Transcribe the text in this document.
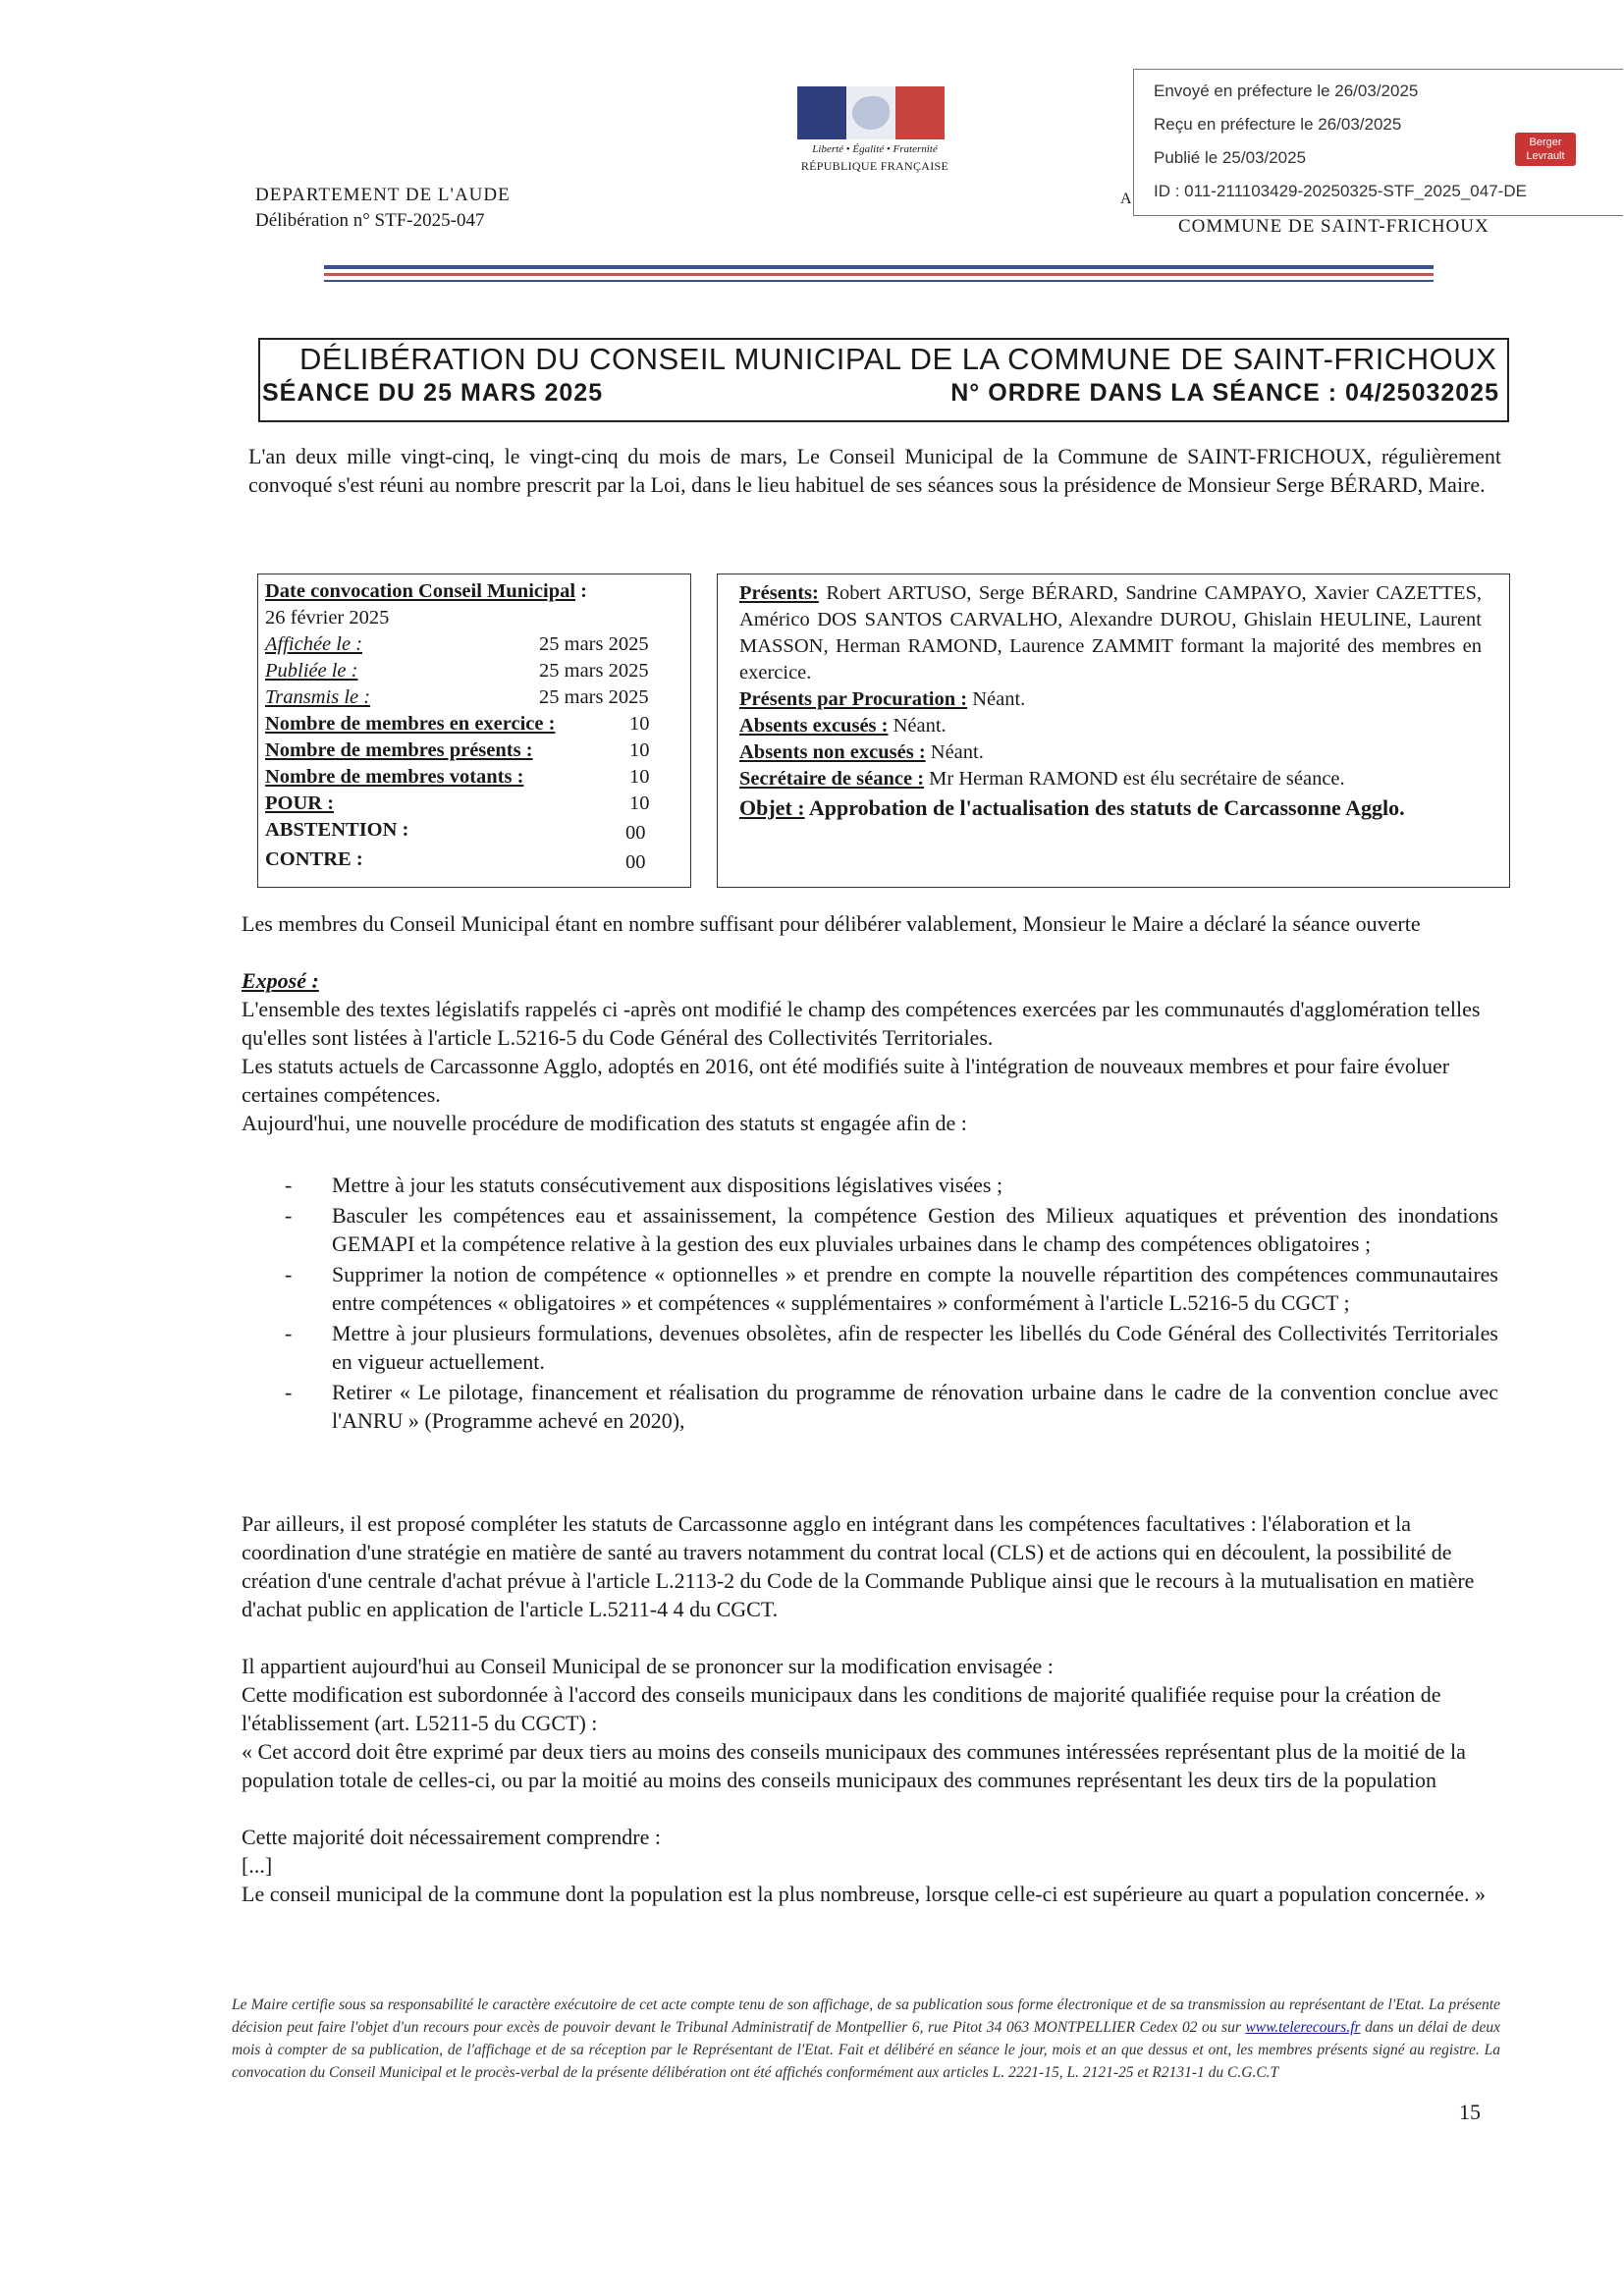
Liberté • Égalité • Fraternité
RÉPUBLIQUE FRANÇAISE
DEPARTEMENT DE L'AUDE
Délibération n° STF-2025-047
Envoyé en préfecture le 26/03/2025
Reçu en préfecture le 26/03/2025
Publié le 25/03/2025
ID : 011-211103429-20250325-STF_2025_047-DE
Berger Levrault
A
COMMUNE DE SAINT-FRICHOUX
DÉLIBÉRATION DU CONSEIL MUNICIPAL DE LA COMMUNE DE SAINT-FRICHOUX
SÉANCE DU 25 MARS 2025	N° ORDRE DANS LA SÉANCE : 04/25032025
L'an deux mille vingt-cinq, le vingt-cinq du mois de mars, Le Conseil Municipal de la Commune de SAINT-FRICHOUX, régulièrement convoqué s'est réuni au nombre prescrit par la Loi, dans le lieu habituel de ses séances sous la présidence de Monsieur Serge BÉRARD, Maire.
Date convocation Conseil Municipal :
26 février 2025
Affichée le :	25 mars 2025
Publiée le :	25 mars 2025
Transmis le :	25 mars 2025
Nombre de membres en exercice :	10
Nombre de membres présents :	10
Nombre de membres votants :	10
POUR :	10
ABSTENTION :	00
CONTRE :	00
Présents: Robert ARTUSO, Serge BÉRARD, Sandrine CAMPAYO, Xavier CAZETTES, Américo DOS SANTOS CARVALHO, Alexandre DUROU, Ghislain HEULINE, Laurent MASSON, Herman RAMOND, Laurence ZAMMIT formant la majorité des membres en exercice.
Présents par Procuration : Néant.
Absents excusés : Néant.
Absents non excusés : Néant.
Secrétaire de séance : Mr Herman RAMOND est élu secrétaire de séance.
Objet : Approbation de l'actualisation des statuts de Carcassonne Agglo.
Les membres du Conseil Municipal étant en nombre suffisant pour délibérer valablement, Monsieur le Maire a déclaré la séance ouverte
Exposé :
L'ensemble des textes législatifs rappelés ci -après ont modifié le champ des compétences exercées par les communautés d'agglomération telles qu'elles sont listées à l'article L.5216-5 du Code Général des Collectivités Territoriales.
Les statuts actuels de Carcassonne Agglo, adoptés en 2016, ont été modifiés suite à l'intégration de nouveaux membres et pour faire évoluer certaines compétences.
Aujourd'hui, une nouvelle procédure de modification des statuts st engagée afin de :
- Mettre à jour les statuts consécutivement aux dispositions législatives visées ;
- Basculer les compétences eau et assainissement, la compétence Gestion des Milieux aquatiques et prévention des inondations GEMAPI et la compétence relative à la gestion des eux pluviales urbaines dans le champ des compétences obligatoires ;
- Supprimer la notion de compétence « optionnelles » et prendre en compte la nouvelle répartition des compétences communautaires entre compétences « obligatoires » et compétences « supplémentaires » conformément à l'article L.5216-5 du CGCT ;
- Mettre à jour plusieurs formulations, devenues obsolètes, afin de respecter les libellés du Code Général des Collectivités Territoriales en vigueur actuellement.
- Retirer « Le pilotage, financement et réalisation du programme de rénovation urbaine dans le cadre de la convention conclue avec l'ANRU » (Programme achevé en 2020),
Par ailleurs, il est proposé compléter les statuts de Carcassonne agglo en intégrant dans les compétences facultatives : l'élaboration et la coordination d'une stratégie en matière de santé au travers notamment du contrat local (CLS) et de actions qui en découlent, la possibilité de création d'une centrale d'achat prévue à l'article L.2113-2 du Code de la Commande Publique ainsi que le recours à la mutualisation en matière d'achat public en application de l'article L.5211-4 4 du CGCT.
Il appartient aujourd'hui au Conseil Municipal de se prononcer sur la modification envisagée :
Cette modification est subordonnée à l'accord des conseils municipaux dans les conditions de majorité qualifiée requise pour la création de l'établissement (art. L5211-5 du CGCT) :
« Cet accord doit être exprimé par deux tiers au moins des conseils municipaux des communes intéressées représentant plus de la moitié de la population totale de celles-ci, ou par la moitié au moins des conseils municipaux des communes représentant les deux tirs de la population
Cette majorité doit nécessairement comprendre :
[...]
Le conseil municipal de la commune dont la population est la plus nombreuse, lorsque celle-ci est supérieure au quart a population concernée. »
Le Maire certifie sous sa responsabilité le caractère exécutoire de cet acte compte tenu de son affichage, de sa publication sous forme électronique et de sa transmission au représentant de l'Etat. La présente décision peut faire l'objet d'un recours pour excès de pouvoir devant le Tribunal Administratif de Montpellier 6, rue Pitot 34 063 MONTPELLIER Cedex 02 ou sur www.telerecours.fr dans un délai de deux mois à compter de sa publication, de l'affichage et de sa réception par le Représentant de l'Etat. Fait et délibéré en séance le jour, mois et an que dessus et ont, les membres présents signé au registre. La convocation du Conseil Municipal et le procès-verbal de la présente délibération ont été affichés conformément aux articles L. 2221-15, L. 2121-25 et R2131-1 du C.G.C.T
15
